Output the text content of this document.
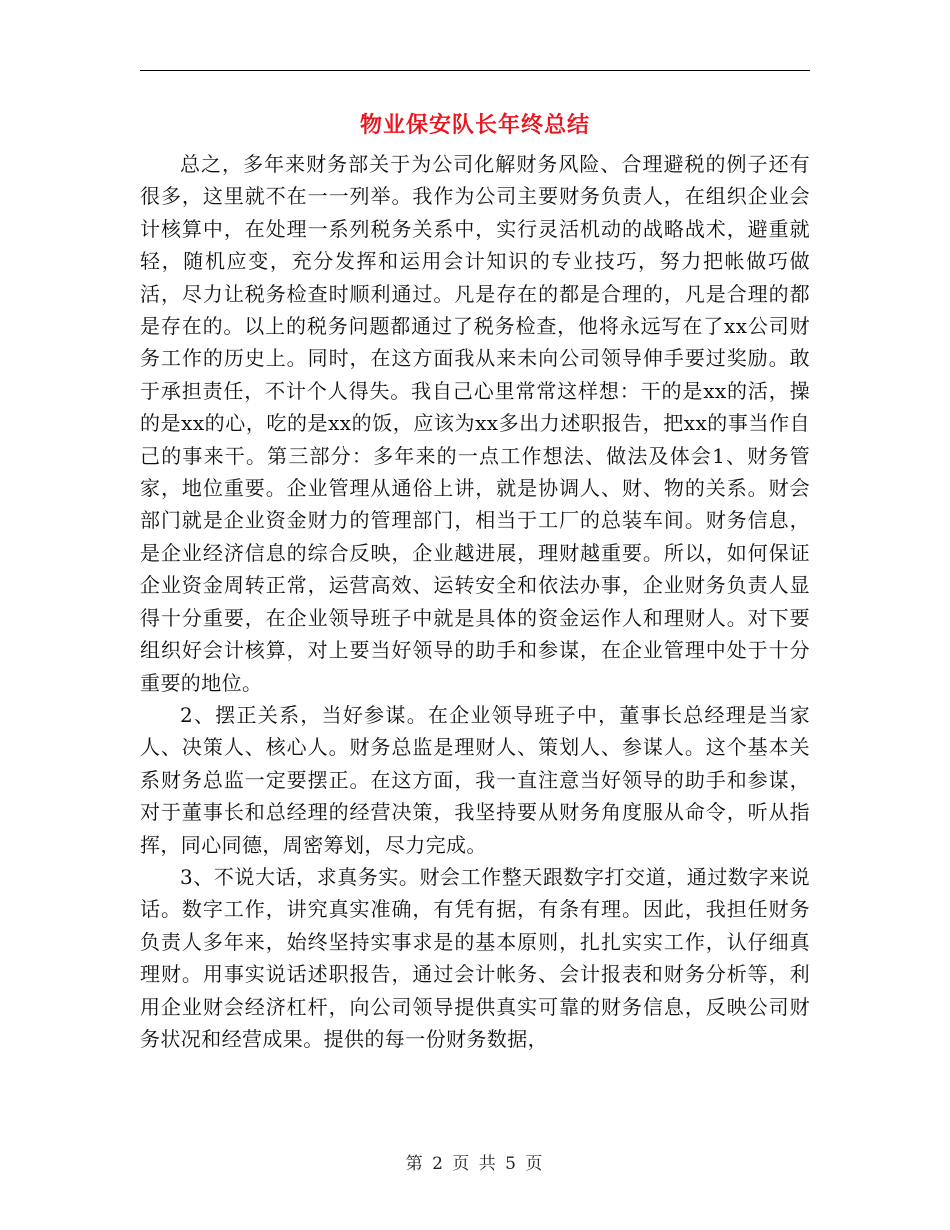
物业保安队长年终总结

总之，多年来财务部关于为公司化解财务风险、合理避税的例子还有很多，这里就不在一一列举。我作为公司主要财务负责人，在组织企业会计核算中，在处理一系列税务关系中，实行灵活机动的战略战术，避重就轻，随机应变，充分发挥和运用会计知识的专业技巧，努力把帐做巧做活，尽力让税务检查时顺利通过。凡是存在的都是合理的，凡是合理的都是存在的。以上的税务问题都通过了税务检查，他将永远写在了xx公司财务工作的历史上。同时，在这方面我从来未向公司领导伸手要过奖励。敢于承担责任，不计个人得失。我自己心里常常这样想：干的是xx的活，操的是xx的心，吃的是xx的饭，应该为xx多出力述职报告，把xx的事当作自己的事来干。第三部分：多年来的一点工作想法、做法及体会1、财务管家，地位重要。企业管理从通俗上讲，就是协调人、财、物的关系。财会部门就是企业资金财力的管理部门，相当于工厂的总装车间。财务信息，是企业经济信息的综合反映，企业越进展，理财越重要。所以，如何保证企业资金周转正常，运营高效、运转安全和依法办事，企业财务负责人显得十分重要，在企业领导班子中就是具体的资金运作人和理财人。对下要组织好会计核算，对上要当好领导的助手和参谋，在企业管理中处于十分重要的地位。

2、摆正关系，当好参谋。在企业领导班子中，董事长总经理是当家人、决策人、核心人。财务总监是理财人、策划人、参谋人。这个基本关系财务总监一定要摆正。在这方面，我一直注意当好领导的助手和参谋，对于董事长和总经理的经营决策，我坚持要从财务角度服从命令，听从指挥，同心同德，周密筹划，尽力完成。

3、不说大话，求真务实。财会工作整天跟数字打交道，通过数字来说话。数字工作，讲究真实准确，有凭有据，有条有理。因此，我担任财务负责人多年来，始终坚持实事求是的基本原则，扎扎实实工作，认仔细真理财。用事实说话述职报告，通过会计帐务、会计报表和财务分析等，利用企业财会经济杠杆，向公司领导提供真实可靠的财务信息，反映公司财务状况和经营成果。提供的每一份财务数据，

第 2 页 共 5 页
